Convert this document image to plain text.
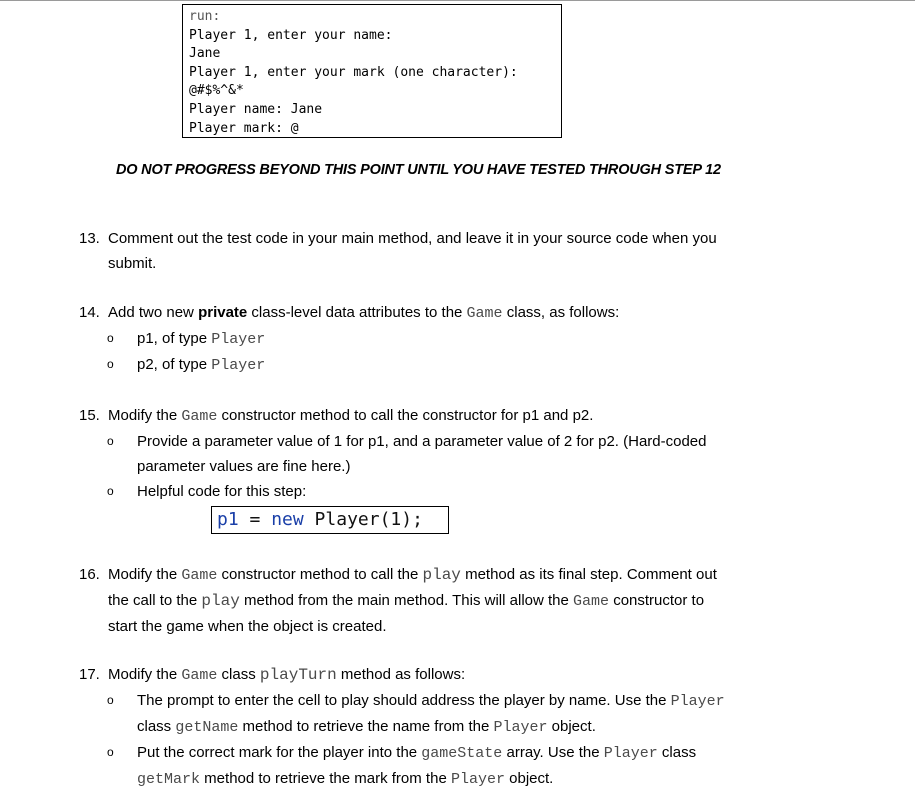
run:
Player 1, enter your name:
Jane
Player 1, enter your mark (one character):
@#$%^&*
Player name: Jane
Player mark: @
DO NOT PROGRESS BEYOND THIS POINT UNTIL YOU HAVE TESTED THROUGH STEP 12
13. Comment out the test code in your main method, and leave it in your source code when you
submit.
14. Add two new private class-level data attributes to the Game class, as follows:
o p1, of type Player
o p2, of type Player
15. Modify the Game constructor method to call the constructor for p1 and p2.
o Provide a parameter value of 1 for p1, and a parameter value of 2 for p2. (Hard-coded
parameter values are fine here.)
o Helpful code for this step:
p1 = new Player(1);
16. Modify the Game constructor method to call the play method as its final step. Comment out
the call to the play method from the main method. This will allow the Game constructor to
start the game when the object is created.
17. Modify the Game class playTurn method as follows:
o The prompt to enter the cell to play should address the player by name. Use the Player
class getName method to retrieve the name from the Player object.
o Put the correct mark for the player into the gameState array. Use the Player class
getMark method to retrieve the mark from the Player object.
